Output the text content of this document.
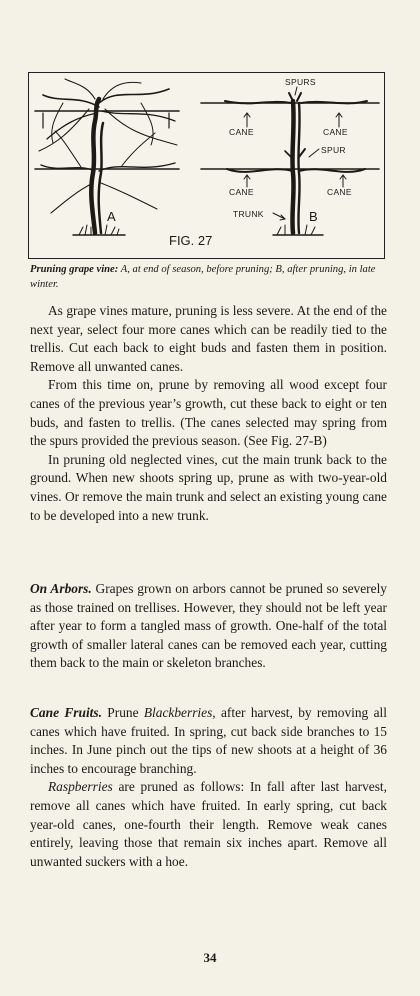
A
SPURS
CANE	CANE
SPUR
CANE	CANE
TRUNK	B
FIG. 27
Pruning grape vine: A, at end of season, before pruning; B, after pruning, in late winter.

As grape vines mature, pruning is less severe. At the end of the next year, select four more canes which can be readily tied to the trellis. Cut each back to eight buds and fasten them in position. Remove all unwanted canes.

From this time on, prune by removing all wood except four canes of the previous year’s growth, cut these back to eight or ten buds, and fasten to trellis. (The canes selected may spring from the spurs provided the previous season. (See Fig. 27-B)

In pruning old neglected vines, cut the main trunk back to the ground. When new shoots spring up, prune as with two-year-old vines. Or remove the main trunk and select an existing young cane to be developed into a new trunk.

On Arbors. Grapes grown on arbors cannot be pruned so severely as those trained on trellises. However, they should not be left year after year to form a tangled mass of growth. One-half of the total growth of smaller lateral canes can be removed each year, cutting them back to the main or skeleton branches.

Cane Fruits. Prune Blackberries, after harvest, by removing all canes which have fruited. In spring, cut back side branches to 15 inches. In June pinch out the tips of new shoots at a height of 36 inches to encourage branching.

Raspberries are pruned as follows: In fall after last harvest, remove all canes which have fruited. In early spring, cut back year-old canes, one-fourth their length. Remove weak canes entirely, leaving those that remain six inches apart. Remove all unwanted suckers with a hoe.

34
